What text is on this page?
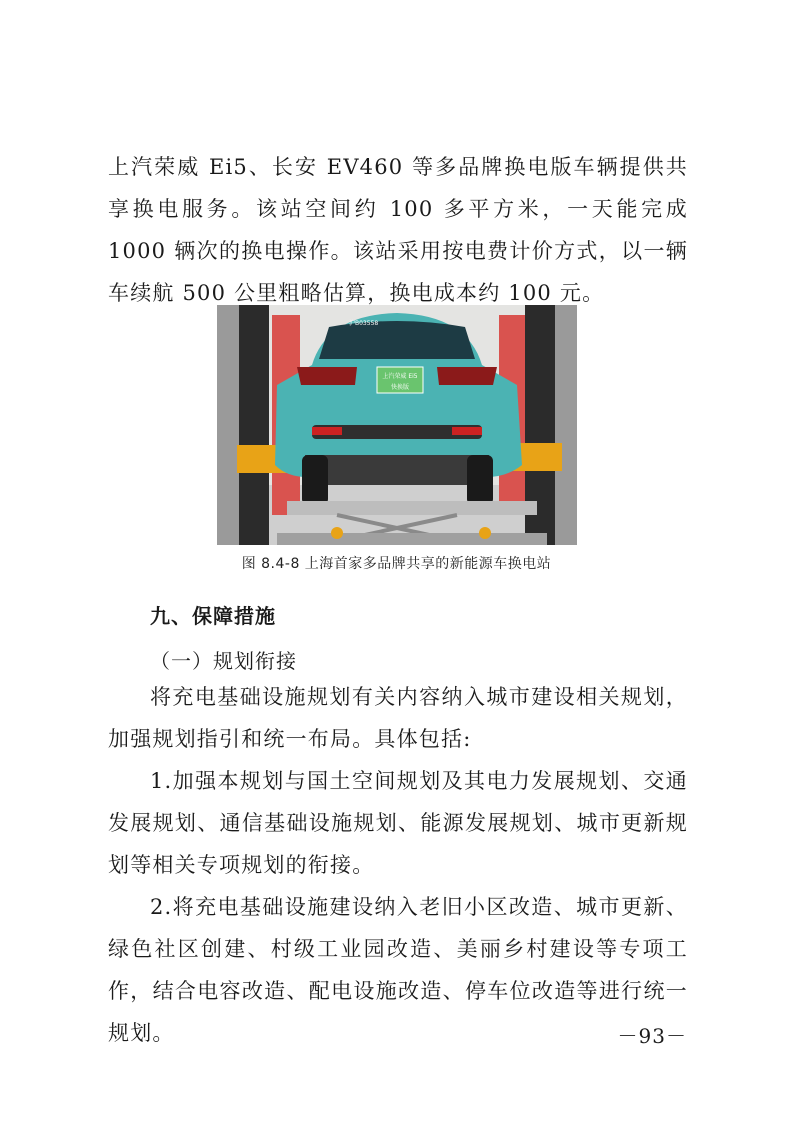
上汽荣威 Ei5、长安 EV460 等多品牌换电版车辆提供共享换电服务。该站空间约 100 多平方米，一天能完成 1000 辆次的换电操作。该站采用按电费计价方式，以一辆车续航 500 公里粗略估算，换电成本约 100 元。

上汽荣威 Ei5
快换版
沪B03558
图 8.4-8 上海首家多品牌共享的新能源车换电站
九、保障措施
（一）规划衔接

将充电基础设施规划有关内容纳入城市建设相关规划，加强规划指引和统一布局。具体包括:

1.加强本规划与国土空间规划及其电力发展规划、交通发展规划、通信基础设施规划、能源发展规划、城市更新规划等相关专项规划的衔接。

2.将充电基础设施建设纳入老旧小区改造、城市更新、绿色社区创建、村级工业园改造、美丽乡村建设等专项工作，结合电容改造、配电设施改造、停车位改造等进行统一规划。	－93－
